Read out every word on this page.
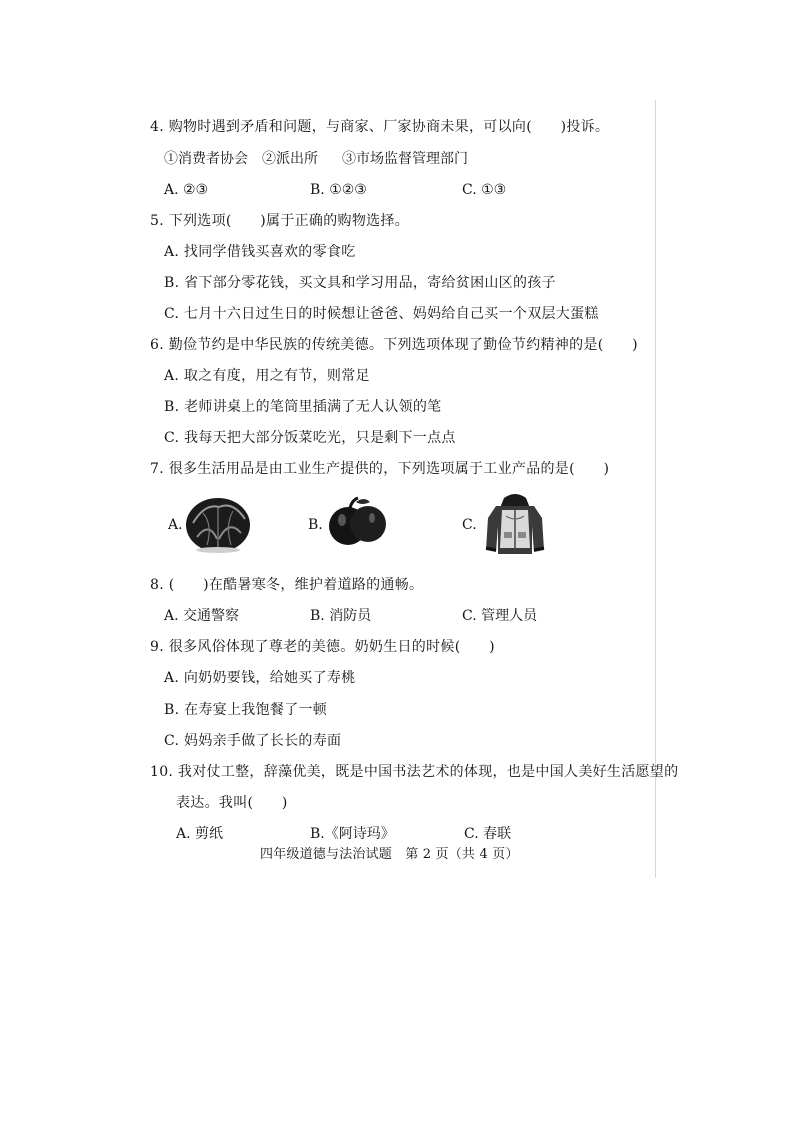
4. 购物时遇到矛盾和问题，与商家、厂家协商未果，可以向(　　)投诉。
①消费者协会 ②派出所 ③市场监督管理部门
A. ②③	B. ①②③	C. ①③
5. 下列选项(　　)属于正确的购物选择。
A. 找同学借钱买喜欢的零食吃
B. 省下部分零花钱，买文具和学习用品，寄给贫困山区的孩子
C. 七月十六日过生日的时候想让爸爸、妈妈给自己买一个双层大蛋糕
6. 勤俭节约是中华民族的传统美德。下列选项体现了勤俭节约精神的是(　　)
A. 取之有度，用之有节，则常足
B. 老师讲桌上的笔筒里插满了无人认领的笔
C. 我每天把大部分饭菜吃光，只是剩下一点点
7. 很多生活用品是由工业生产提供的，下列选项属于工业产品的是(　　)
A.	B.	C.
8. (　　)在酷暑寒冬，维护着道路的通畅。
A. 交通警察	B. 消防员	C. 管理人员
9. 很多风俗体现了尊老的美德。奶奶生日的时候(　　)
A. 向奶奶要钱，给她买了寿桃
B. 在寿宴上我饱餐了一顿
C. 妈妈亲手做了长长的寿面
10. 我对仗工整，辞藻优美，既是中国书法艺术的体现，也是中国人美好生活愿望的
表达。我叫(　　)
A. 剪纸	B.《阿诗玛》	C. 春联
四年级道德与法治试题　第 2 页（共 4 页）
